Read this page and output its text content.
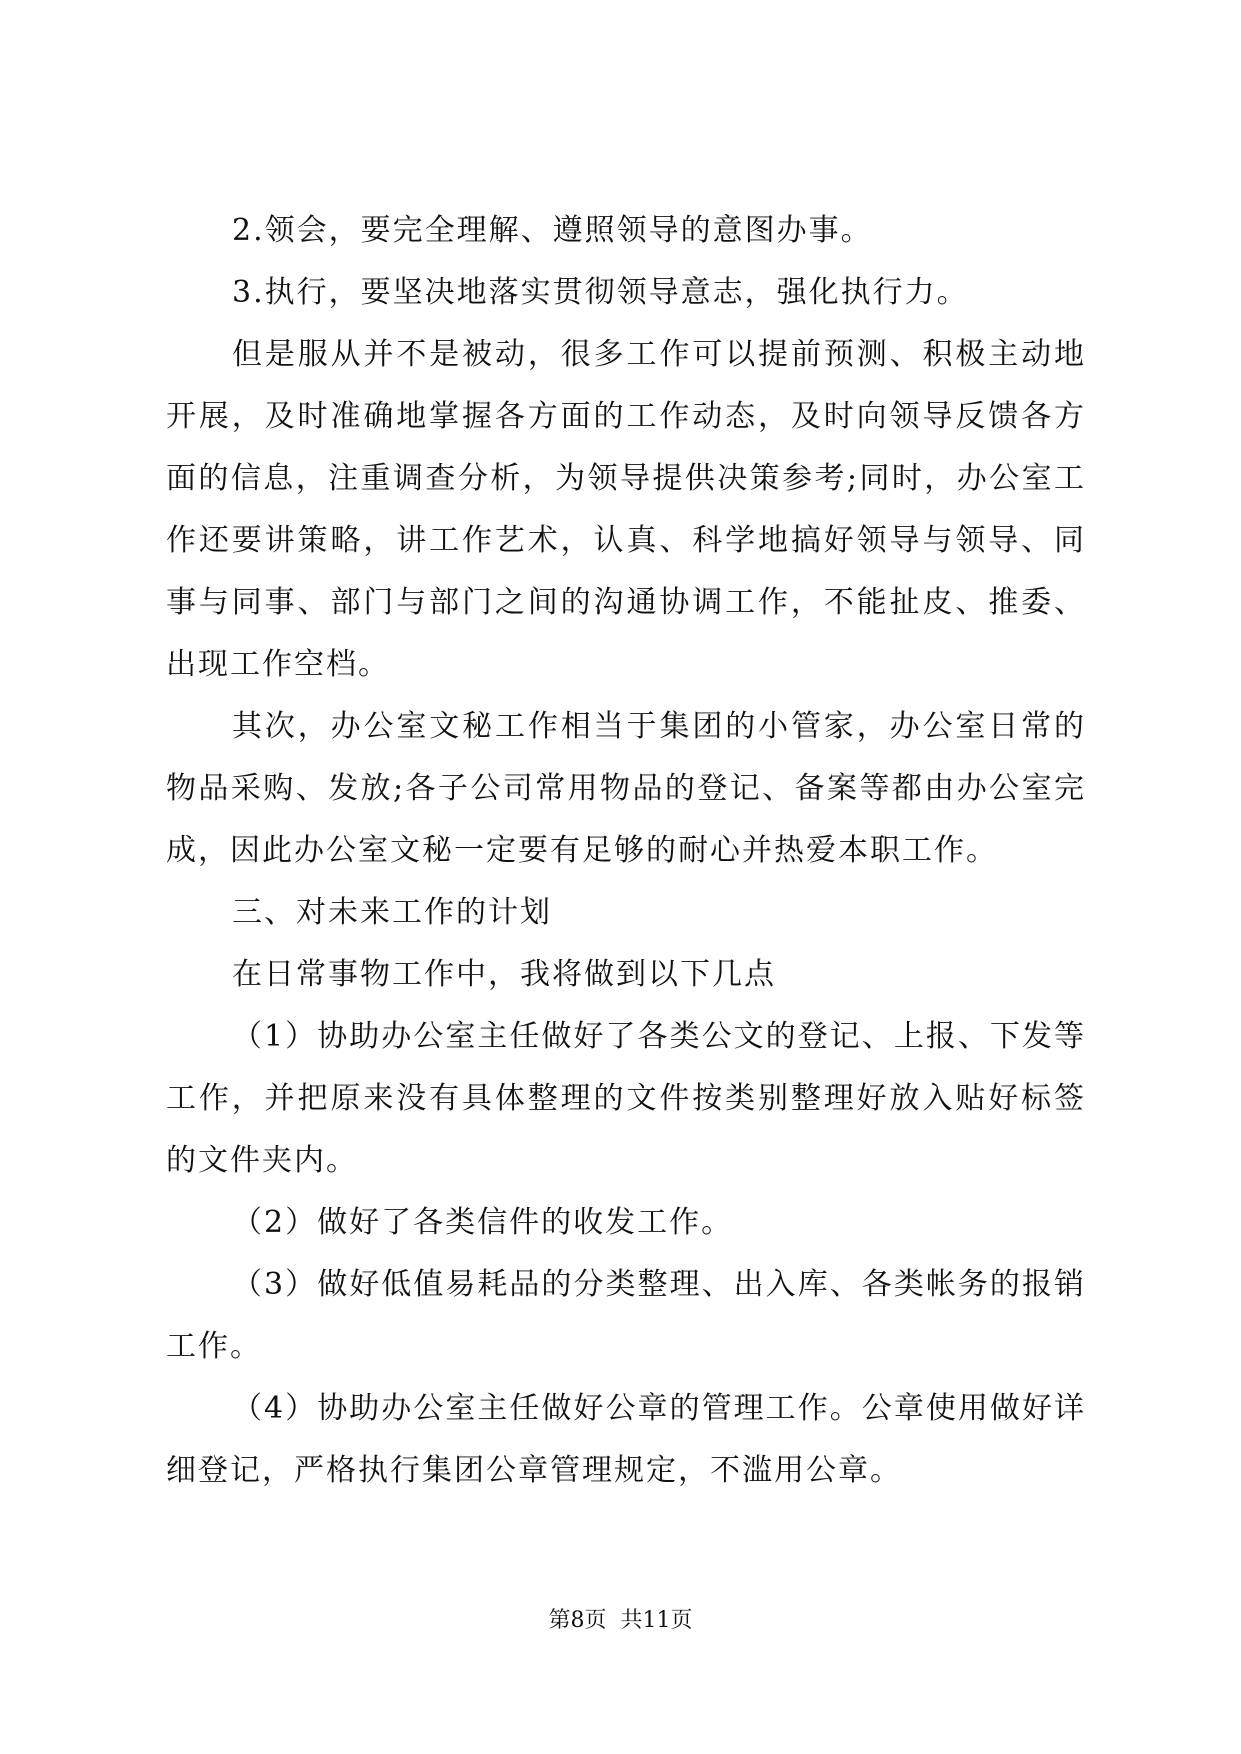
2.领会，要完全理解、遵照领导的意图办事。

3.执行，要坚决地落实贯彻领导意志，强化执行力。

但是服从并不是被动，很多工作可以提前预测、积极主动地开展，及时准确地掌握各方面的工作动态，及时向领导反馈各方面的信息，注重调查分析，为领导提供决策参考;同时，办公室工作还要讲策略，讲工作艺术，认真、科学地搞好领导与领导、同事与同事、部门与部门之间的沟通协调工作，不能扯皮、推委、出现工作空档。

其次，办公室文秘工作相当于集团的小管家，办公室日常的物品采购、发放;各子公司常用物品的登记、备案等都由办公室完成，因此办公室文秘一定要有足够的耐心并热爱本职工作。

三、对未来工作的计划

在日常事物工作中，我将做到以下几点

（1）协助办公室主任做好了各类公文的登记、上报、下发等工作，并把原来没有具体整理的文件按类别整理好放入贴好标签的文件夹内。

（2）做好了各类信件的收发工作。

（3）做好低值易耗品的分类整理、出入库、各类帐务的报销工作。

（4）协助办公室主任做好公章的管理工作。公章使用做好详细登记，严格执行集团公章管理规定，不滥用公章。

第8页 共11页
